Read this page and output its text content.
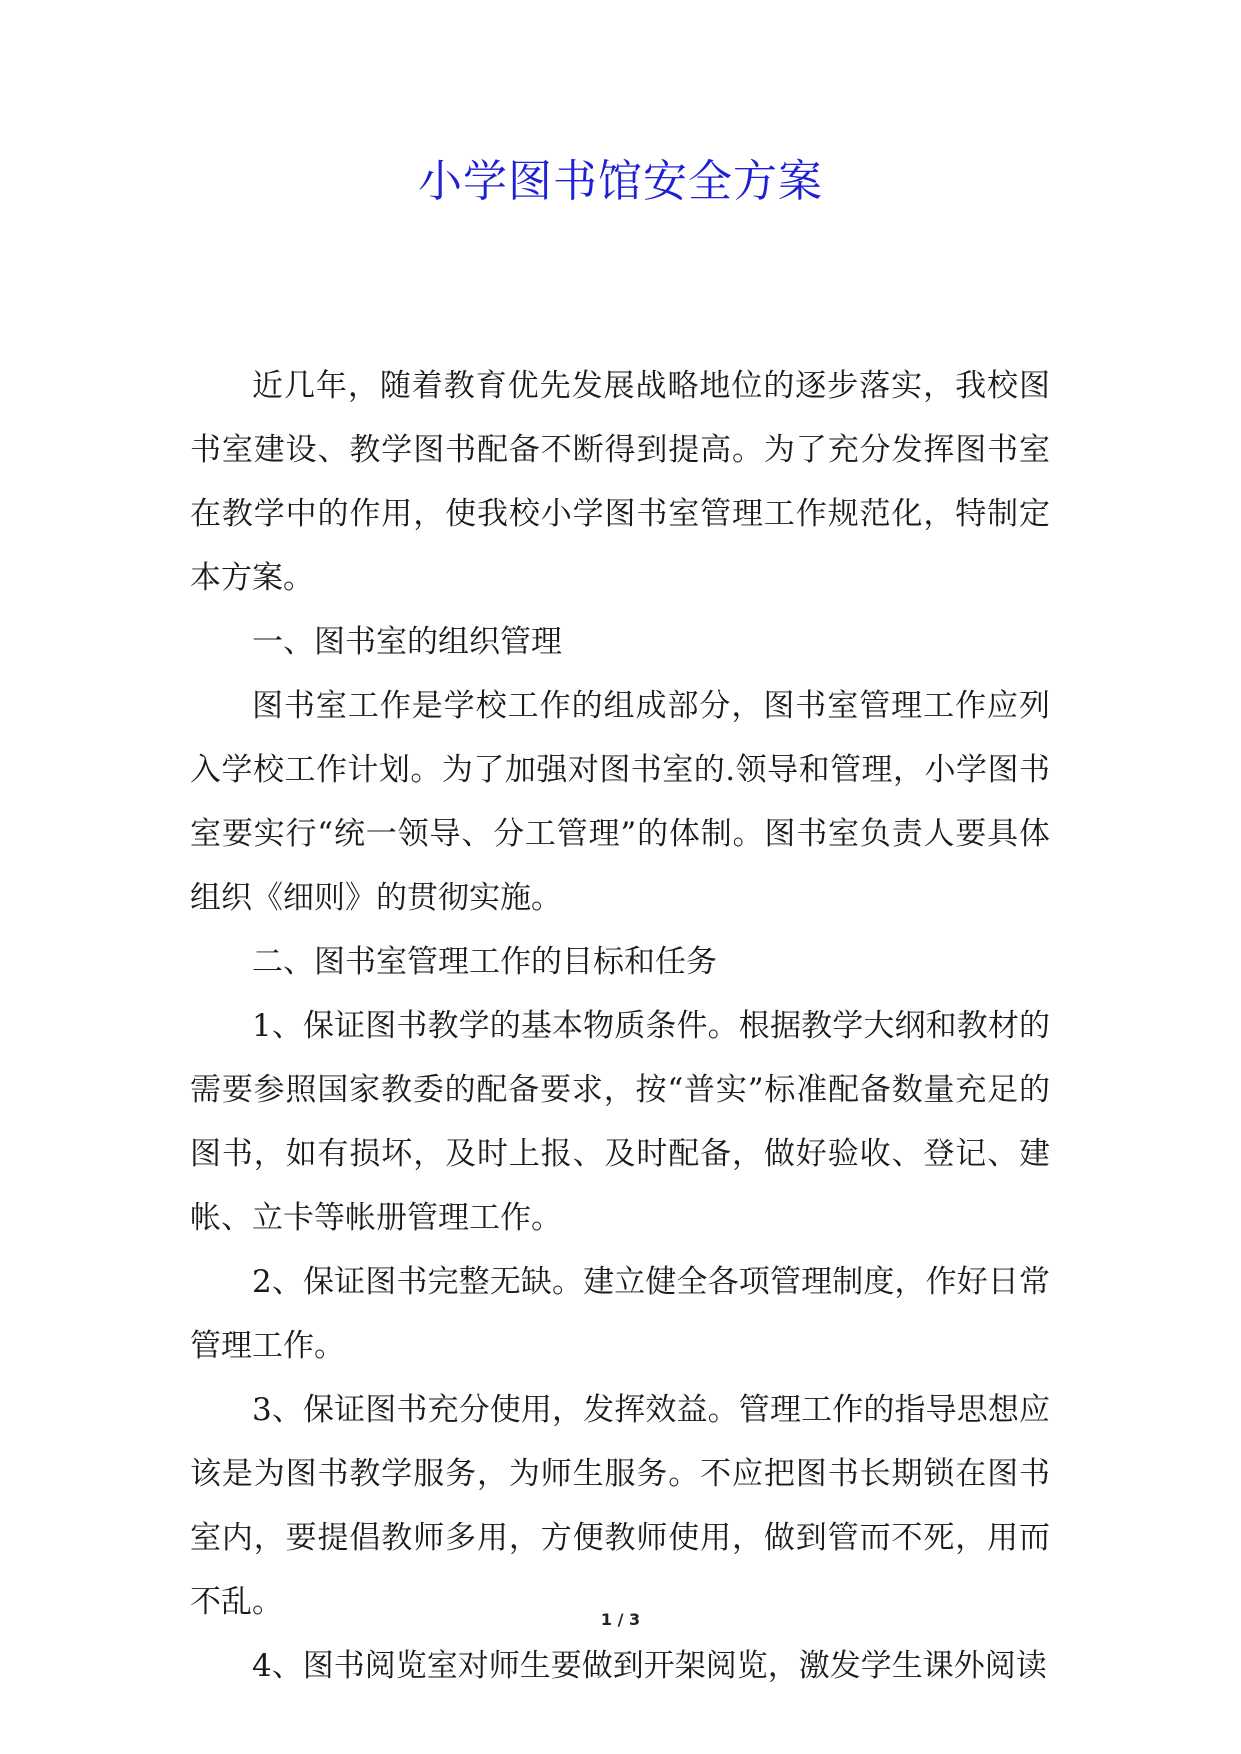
小学图书馆安全方案

近几年，随着教育优先发展战略地位的逐步落实，我校图书室建设、教学图书配备不断得到提高。为了充分发挥图书室在教学中的作用，使我校小学图书室管理工作规范化，特制定本方案。

一、图书室的组织管理

图书室工作是学校工作的组成部分，图书室管理工作应列入学校工作计划。为了加强对图书室的.领导和管理，小学图书室要实行“统一领导、分工管理”的体制。图书室负责人要具体组织《细则》的贯彻实施。

二、图书室管理工作的目标和任务

1、保证图书教学的基本物质条件。根据教学大纲和教材的需要参照国家教委的配备要求，按“普实”标准配备数量充足的图书，如有损坏，及时上报、及时配备，做好验收、登记、建帐、立卡等帐册管理工作。

2、保证图书完整无缺。建立健全各项管理制度，作好日常管理工作。

3、保证图书充分使用，发挥效益。管理工作的指导思想应该是为图书教学服务，为师生服务。不应把图书长期锁在图书室内，要提倡教师多用，方便教师使用，做到管而不死，用而不乱。

4、图书阅览室对师生要做到开架阅览，激发学生课外阅读

1 / 3
